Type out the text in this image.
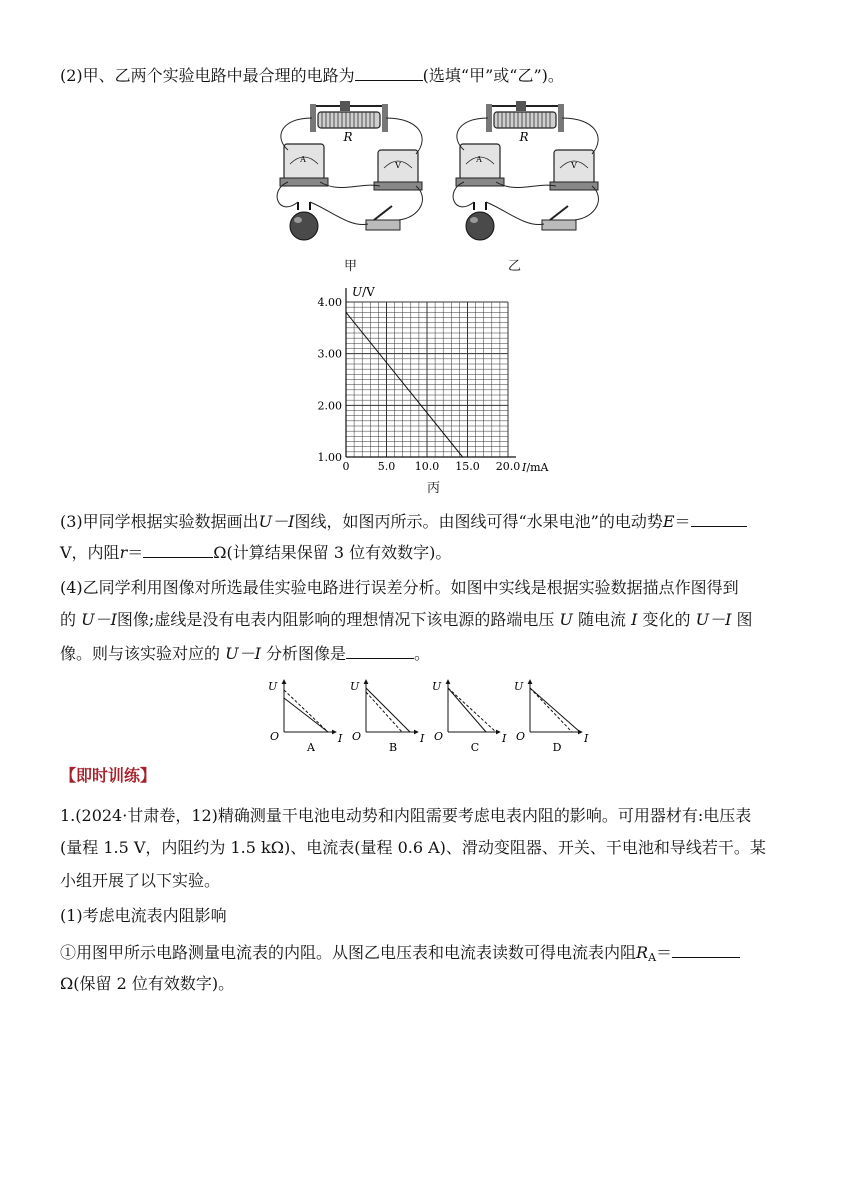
(2)甲、乙两个实验电路中最合理的电路为	(选填“甲”或“乙”)。
R
A
V
甲	乙
0	5.0 10.0 15.0 20.0
1.00
2.00
3.00
4.00
U/V
I/mA
丙
(3)甲同学根据实验数据画出U－I图线，如图丙所示。由图线可得“水果电池”的电动势E＝
V，内阻r＝	Ω(计算结果保留 3 位有效数字)。
(4)乙同学利用图像对所选最佳实验电路进行误差分析。如图中实线是根据实验数据描点作图得到
的 U－I图像;虚线是没有电表内阻影响的理想情况下该电源的路端电压 U 随电流 I 变化的 U－I 图
像。则与该实验对应的 U－I 分析图像是	。
U
O	I
A
U
O	I
B
U
O	I
C
U
O	I
D
【即时训练】
1.(2024·甘肃卷，12)精确测量干电池电动势和内阻需要考虑电表内阻的影响。可用器材有:电压表
(量程 1.5 V，内阻约为 1.5 kΩ)、电流表(量程 0.6 A)、滑动变阻器、开关、干电池和导线若干。某
小组开展了以下实验。
(1)考虑电流表内阻影响
①用图甲所示电路测量电流表的内阻。从图乙电压表和电流表读数可得电流表内阻$R_A=$
Ω(保留 2 位有效数字)。
